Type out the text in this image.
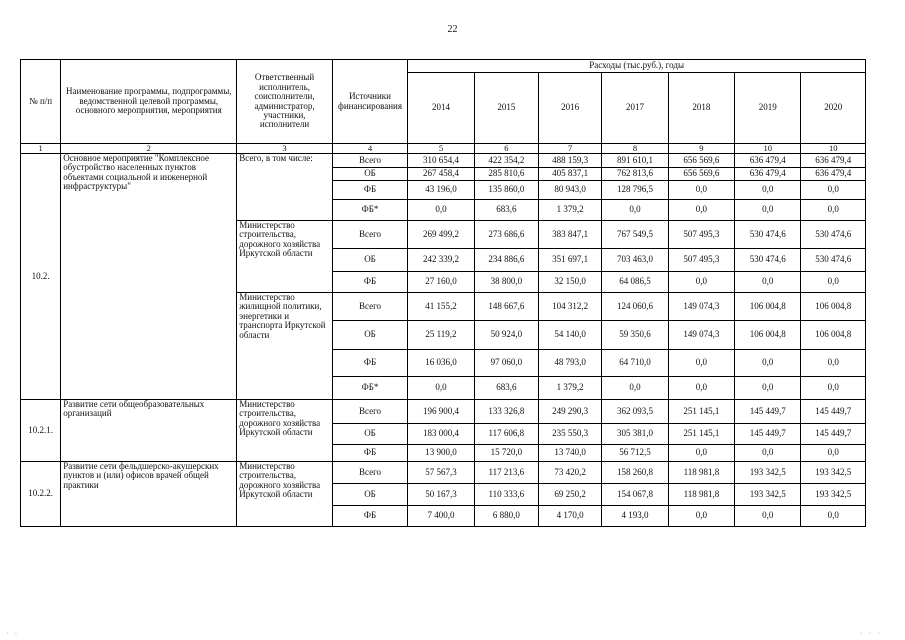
22
№ п/п	Наименование программы, подпрограммы, ведомственной целевой программы, основного мероприятия, мероприятия	Ответственный исполнитель, соисполнители, администратор, участники, исполнители	Источники финансирования	Расходы (тыс.руб.), годы						
				2014	2015	2016	2017	2018	2019	2020
1	2	3	4	5	6	7	8	9	10	10
10.2.	Основное мероприятие "Комплексное обустройство населенных пунктов объектами социальной и инженерной инфраструктуры"	Всего, в том числе:	Всего	310 654,4	422 354,2	488 159,3	891 610,1	656 569,6	636 479,4	636 479,4
			ОБ	267 458,4	285 810,6	405 837,1	762 813,6	656 569,6	636 479,4	636 479,4
			ФБ	43 196,0	135 860,0	80 943,0	128 796,5	0,0	0,0	0,0
			ФБ*	0,0	683,6	1 379,2	0,0	0,0	0,0	0,0
		Министерство строительства, дорожного хозяйства Иркутской области	Всего	269 499,2	273 686,6	383 847,1	767 549,5	507 495,3	530 474,6	530 474,6
			ОБ	242 339,2	234 886,6	351 697,1	703 463,0	507 495,3	530 474,6	530 474,6
			ФБ	27 160,0	38 800,0	32 150,0	64 086,5	0,0	0,0	0,0
		Министерство жилищной политики, энергетики и транспорта Иркутской области	Всего	41 155,2	148 667,6	104 312,2	124 060,6	149 074,3	106 004,8	106 004,8
			ОБ	25 119,2	50 924,0	54 140,0	59 350,6	149 074,3	106 004,8	106 004,8
			ФБ	16 036,0	97 060,0	48 793,0	64 710,0	0,0	0,0	0,0
			ФБ*	0,0	683,6	1 379,2	0,0	0,0	0,0	0,0
10.2.1.	Развитие сети общеобразовательных организаций	Министерство строительства, дорожного хозяйства Иркутской области	Всего	196 900,4	133 326,8	249 290,3	362 093,5	251 145,1	145 449,7	145 449,7
			ОБ	183 000,4	117 606,8	235 550,3	305 381,0	251 145,1	145 449,7	145 449,7
			ФБ	13 900,0	15 720,0	13 740,0	56 712,5	0,0	0,0	0,0
10.2.2.	Развитие сети фельдшерско-акушерских пунктов и (или) офисов врачей общей практики	Министерство строительства, дорожного хозяйства Иркутской области	Всего	57 567,3	117 213,6	73 420,2	158 260,8	118 981,8	193 342,5	193 342,5
			ОБ	50 167,3	110 333,6	69 250,2	154 067,8	118 981,8	193 342,5	193 342,5
			ФБ	7 400,0	6 880,0	4 170,0	4 193,0	0,0	0,0	0,0
· ·	· · ·
